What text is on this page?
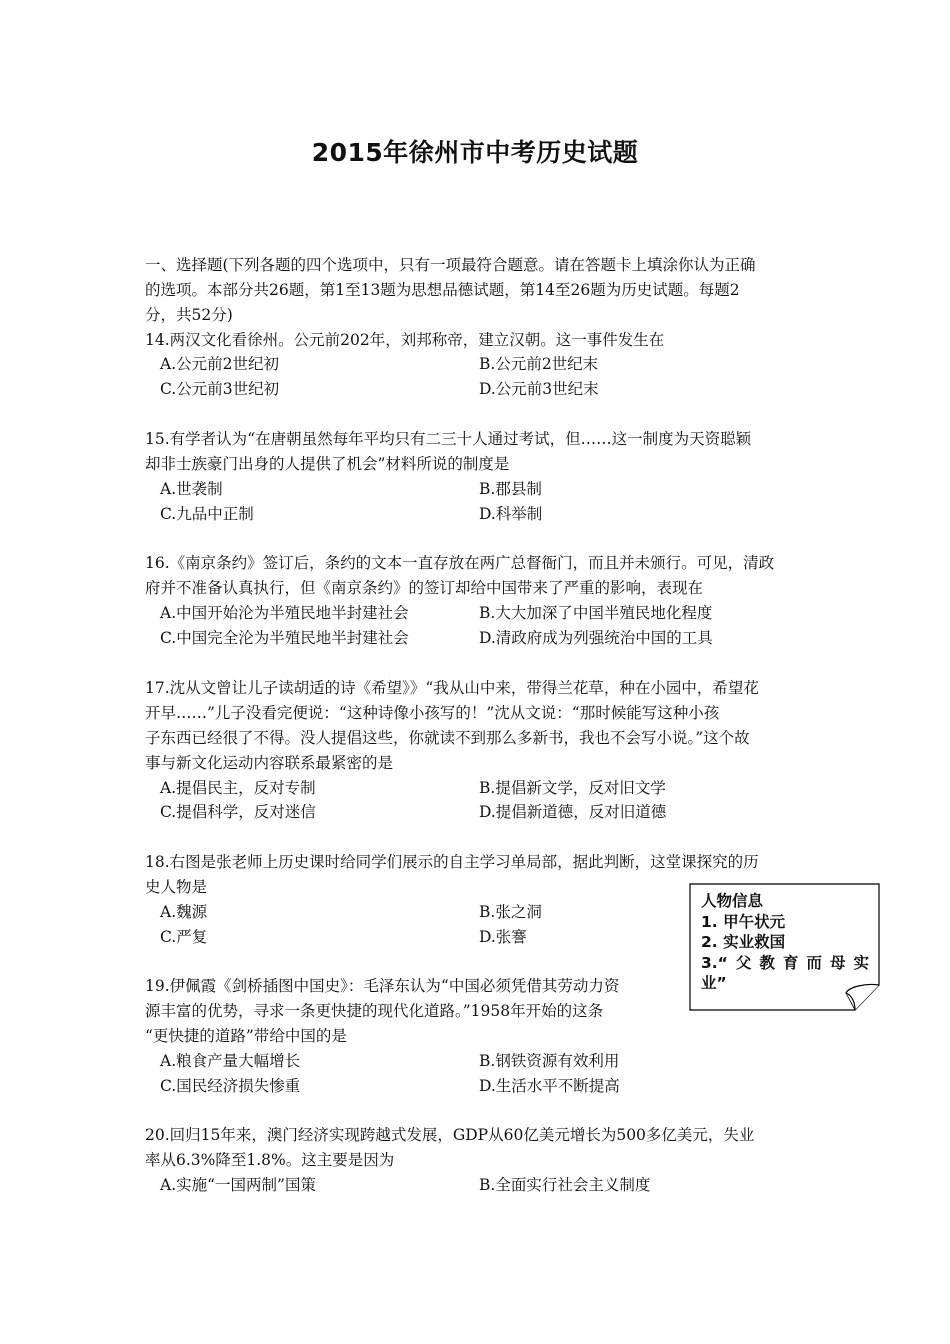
2015年徐州市中考历史试题
一、选择题(下列各题的四个选项中，只有一项最符合题意。请在答题卡上填涂你认为正确
的选项。本部分共26题，第1至13题为思想品德试题，第14至26题为历史试题。每题2
分，共52分)
14.两汉文化看徐州。公元前202年，刘邦称帝，建立汉朝。这一事件发生在
A.公元前2世纪初	B.公元前2世纪末
C.公元前3世纪初	D.公元前3世纪末
15.有学者认为“在唐朝虽然每年平均只有二三十人通过考试，但……这一制度为天资聪颖
却非士族豪门出身的人提供了机会”材料所说的制度是
A.世袭制	B.郡县制
C.九品中正制	D.科举制
16.《南京条约》签订后，条约的文本一直存放在两广总督衙门，而且并未颁行。可见，清政
府并不准备认真执行，但《南京条约》的签订却给中国带来了严重的影响，表现在
A.中国开始沦为半殖民地半封建社会	B.大大加深了中国半殖民地化程度
C.中国完全沦为半殖民地半封建社会	D.清政府成为列强统治中国的工具
17.沈从文曾让儿子读胡适的诗《希望》》“我从山中来，带得兰花草，种在小园中，希望花
开早……”儿子没看完便说：“这种诗像小孩写的！”沈从文说：“那时候能写这种小孩
子东西已经很了不得。没人提倡这些，你就读不到那么多新书，我也不会写小说。”这个故
事与新文化运动内容联系最紧密的是
A.提倡民主，反对专制	B.提倡新文学，反对旧文学
C.提倡科学，反对迷信	D.提倡新道德，反对旧道德
18.右图是张老师上历史课时给同学们展示的自主学习单局部，据此判断，这堂课探究的历
史人物是
A.魏源	B.张之洞
C.严复	D.张謇
人物信息
1. 甲午状元
2. 实业救国
3.“ 父 教 育 而 母 实
业”
19.伊佩霞《剑桥插图中国史》：毛泽东认为“中国必须凭借其劳动力资
源丰富的优势，寻求一条更快捷的现代化道路。”1958年开始的这条
“更快捷的道路”带给中国的是
A.粮食产量大幅增长	B.钢铁资源有效利用
C.国民经济损失惨重	D.生活水平不断提高
20.回归15年来，澳门经济实现跨越式发展，GDP从60亿美元增长为500多亿美元，失业
率从6.3%降至1.8%。这主要是因为
A.实施“一国两制”国策	B.全面实行社会主义制度
